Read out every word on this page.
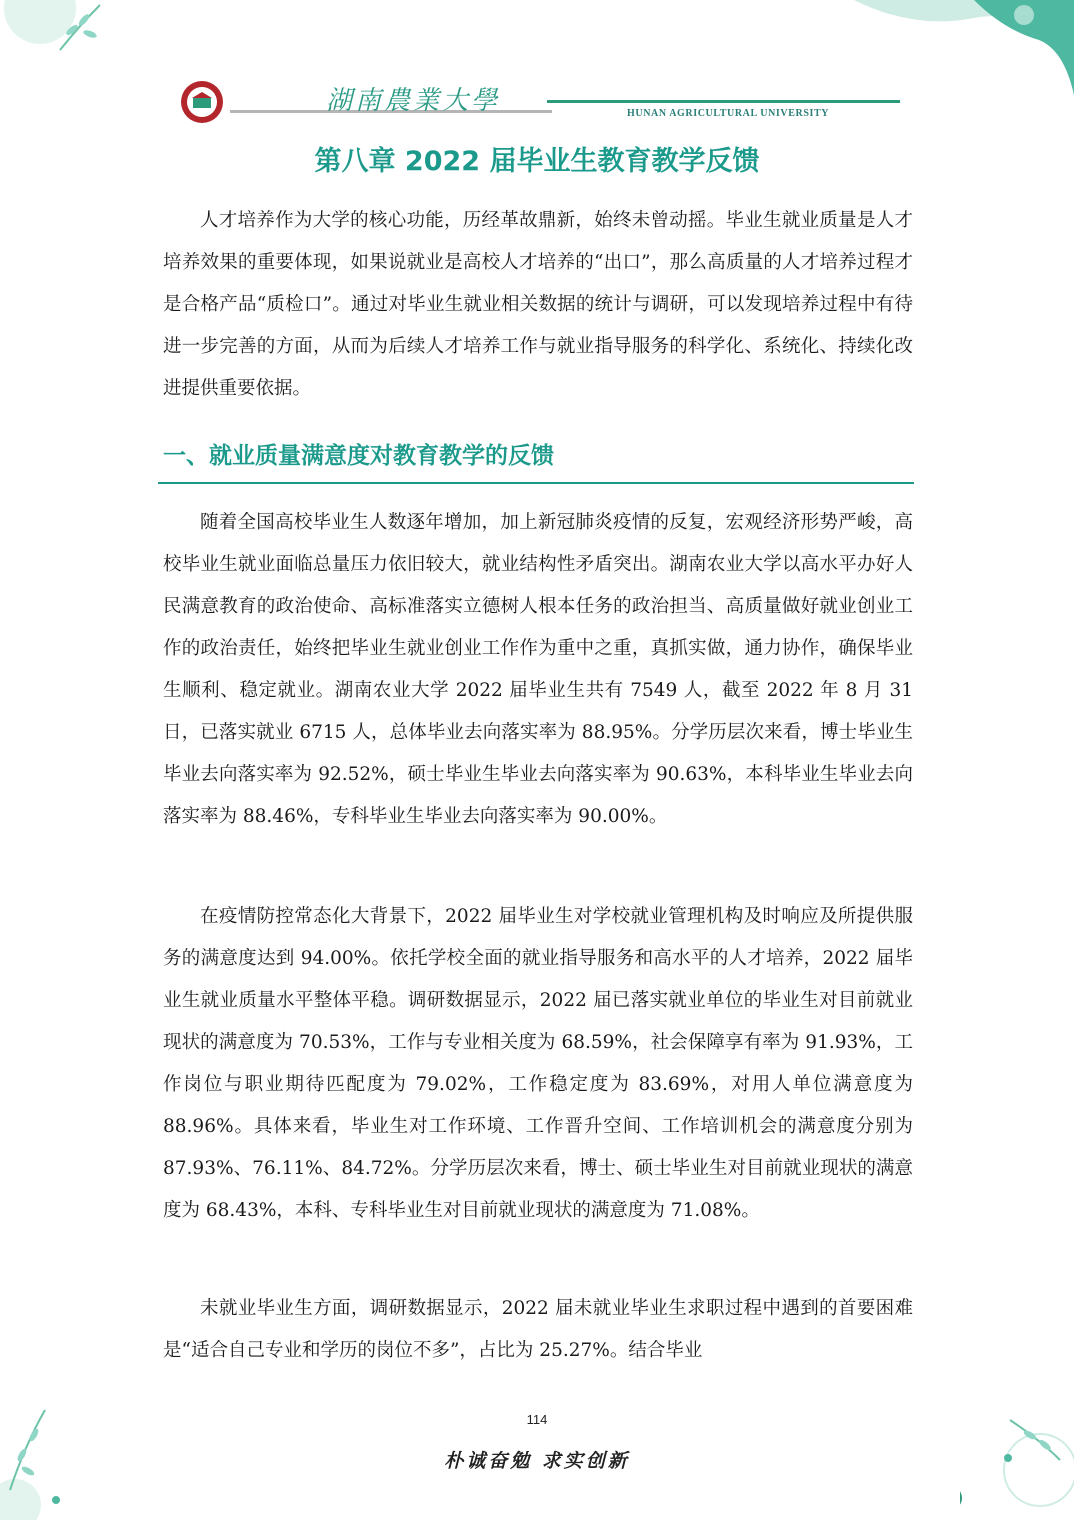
湖南農業大學	HUNAN AGRICULTURAL UNIVERSITY
第八章 2022 届毕业生教育教学反馈

人才培养作为大学的核心功能，历经革故鼎新，始终未曾动摇。毕业生就业质量是人才培养效果的重要体现，如果说就业是高校人才培养的“出口”，那么高质量的人才培养过程才是合格产品“质检口”。通过对毕业生就业相关数据的统计与调研，可以发现培养过程中有待进一步完善的方面，从而为后续人才培养工作与就业指导服务的科学化、系统化、持续化改进提供重要依据。

一、就业质量满意度对教育教学的反馈

随着全国高校毕业生人数逐年增加，加上新冠肺炎疫情的反复，宏观经济形势严峻，高校毕业生就业面临总量压力依旧较大，就业结构性矛盾突出。湖南农业大学以高水平办好人民满意教育的政治使命、高标准落实立德树人根本任务的政治担当、高质量做好就业创业工作的政治责任，始终把毕业生就业创业工作作为重中之重，真抓实做，通力协作，确保毕业生顺利、稳定就业。湖南农业大学 2022 届毕业生共有 7549 人，截至 2022 年 8 月 31 日，已落实就业 6715 人，总体毕业去向落实率为 88.95%。分学历层次来看，博士毕业生毕业去向落实率为 92.52%，硕士毕业生毕业去向落实率为 90.63%，本科毕业生毕业去向落实率为 88.46%，专科毕业生毕业去向落实率为 90.00%。

在疫情防控常态化大背景下，2022 届毕业生对学校就业管理机构及时响应及所提供服务的满意度达到 94.00%。依托学校全面的就业指导服务和高水平的人才培养，2022 届毕业生就业质量水平整体平稳。调研数据显示，2022 届已落实就业单位的毕业生对目前就业现状的满意度为 70.53%，工作与专业相关度为 68.59%，社会保障享有率为 91.93%，工作岗位与职业期待匹配度为 79.02%，工作稳定度为 83.69%，对用人单位满意度为 88.96%。具体来看，毕业生对工作环境、工作晋升空间、工作培训机会的满意度分别为 87.93%、76.11%、84.72%。分学历层次来看，博士、硕士毕业生对目前就业现状的满意度为 68.43%，本科、专科毕业生对目前就业现状的满意度为 71.08%。

未就业毕业生方面，调研数据显示，2022 届未就业毕业生求职过程中遇到的首要困难是“适合自己专业和学历的岗位不多”，占比为 25.27%。结合毕业

114
朴诚奋勉 求实创新
